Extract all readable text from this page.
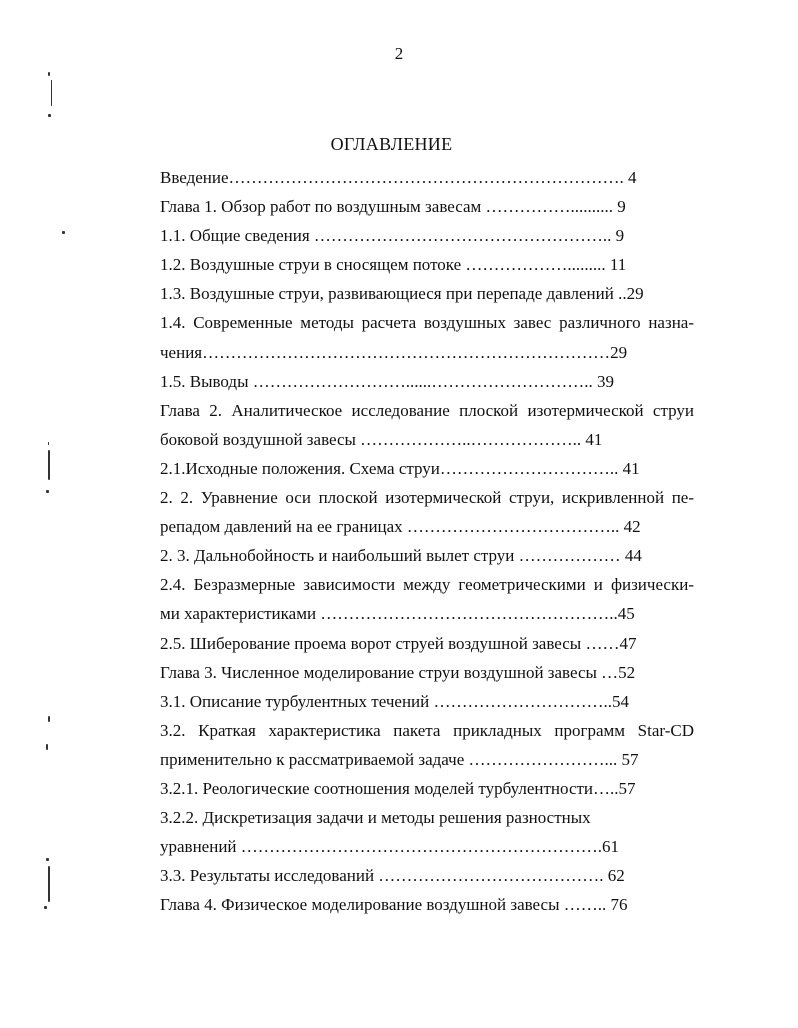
2
ОГЛАВЛЕНИЕ
Введение……………………………………………………………. 4
Глава 1. Обзор работ по воздушным завесам …………….......... 9
1.1. Общие сведения …………………………………………….. 9
1.2. Воздушные струи в сносящем потоке ………………......... 11
1.3. Воздушные струи, развивающиеся при перепаде давлений ..29
1.4. Современные методы расчета воздушных завес различного назна-
чения………………………………………………………………29
1.5. Выводы ………………………......……………………….. 39
Глава 2. Аналитическое исследование плоской изотермической струи
боковой воздушной завесы ………………..……………….. 41
2.1.Исходные положения. Схема струи………………………….. 41
2. 2. Уравнение оси плоской изотермической струи, искривленной пе-
репадом давлений на ее границах ……………………………….. 42
2. 3. Дальнобойность и наибольший вылет струи ……………… 44
2.4. Безразмерные зависимости между геометрическими и физически-
ми характеристиками ……………………………………………..45
2.5. Шиберование проема ворот струей воздушной завесы ……47
Глава 3. Численное моделирование струи воздушной завесы …52
3.1. Описание турбулентных течений …………………………..54
3.2. Краткая характеристика пакета прикладных программ Star-CD
применительно к рассматриваемой задаче ……………………... 57
3.2.1. Реологические соотношения моделей турбулентности…..57
3.2.2. Дискретизация задачи и методы решения разностных
уравнений ……………………………………………………….61
3.3. Результаты исследований …………………………………. 62
Глава 4. Физическое моделирование воздушной завесы …….. 76
